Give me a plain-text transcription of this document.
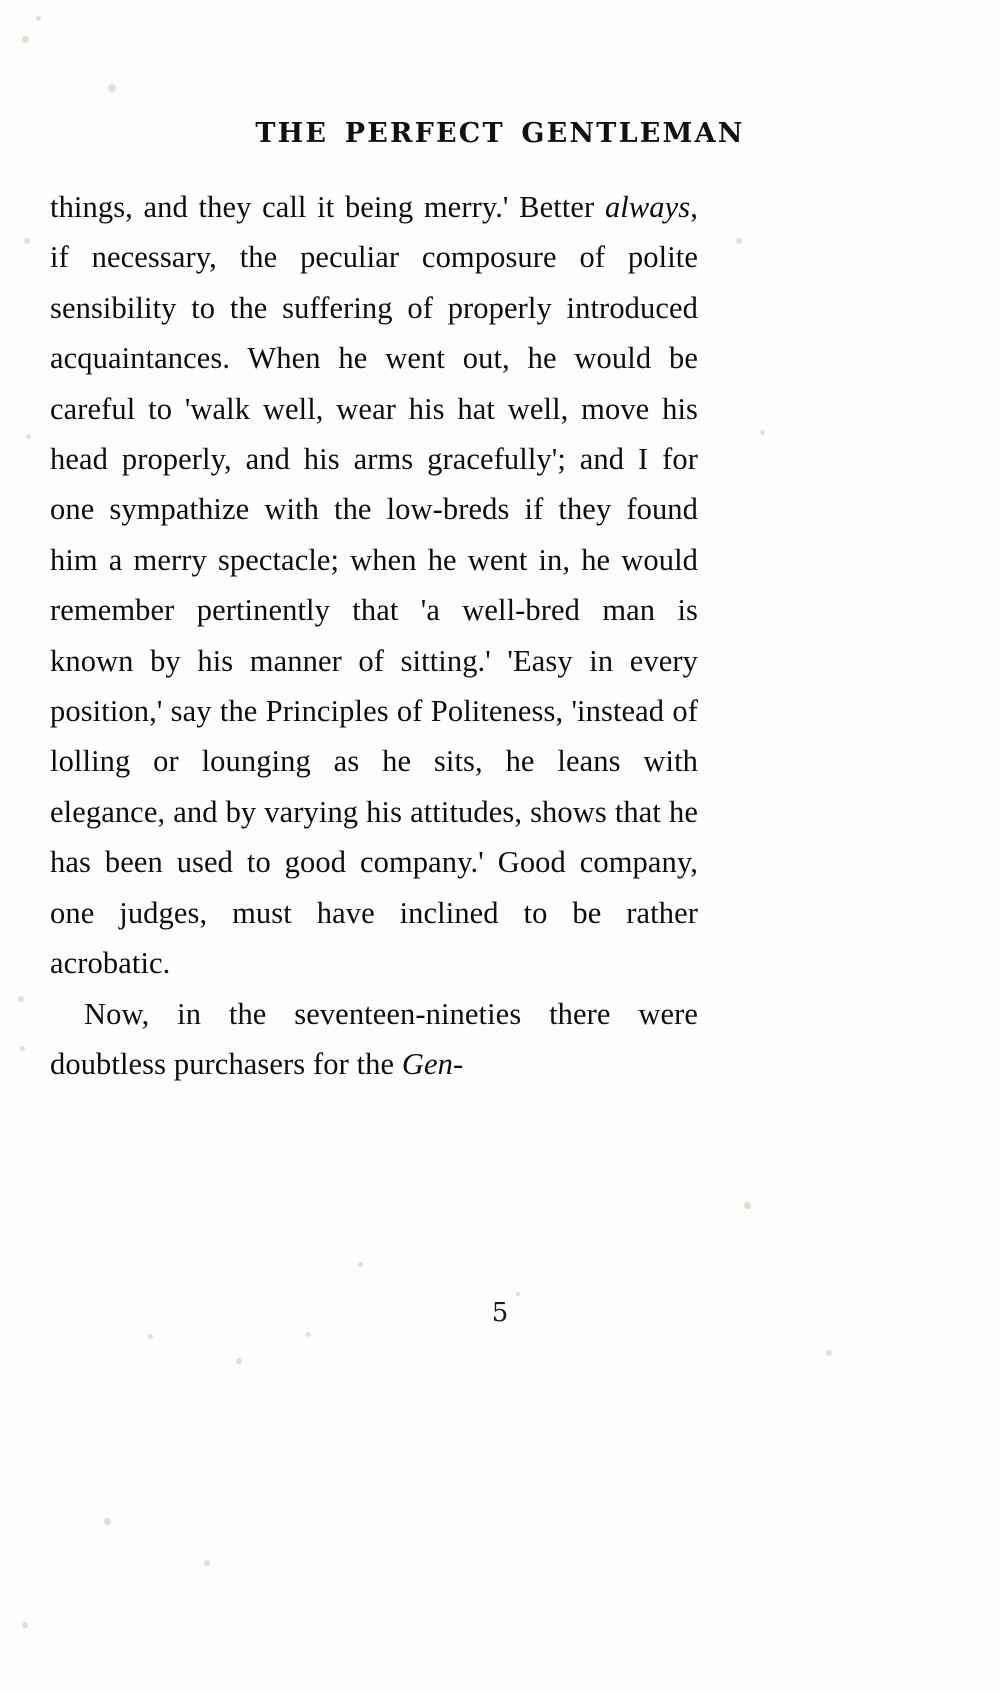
THE PERFECT GENTLEMAN

things, and they call it being merry.' Better always, if necessary, the peculiar composure of polite sensibility to the suffering of properly introduced acquaintances. When he went out, he would be careful to 'walk well, wear his hat well, move his head properly, and his arms gracefully'; and I for one sympathize with the low-breds if they found him a merry spectacle; when he went in, he would remember pertinently that 'a well-bred man is known by his manner of sitting.' 'Easy in every position,' say the Principles of Politeness, 'instead of lolling or lounging as he sits, he leans with elegance, and by varying his attitudes, shows that he has been used to good company.' Good company, one judges, must have inclined to be rather acrobatic.

Now, in the seventeen-nineties there were doubtless purchasers for the Gen-

5
